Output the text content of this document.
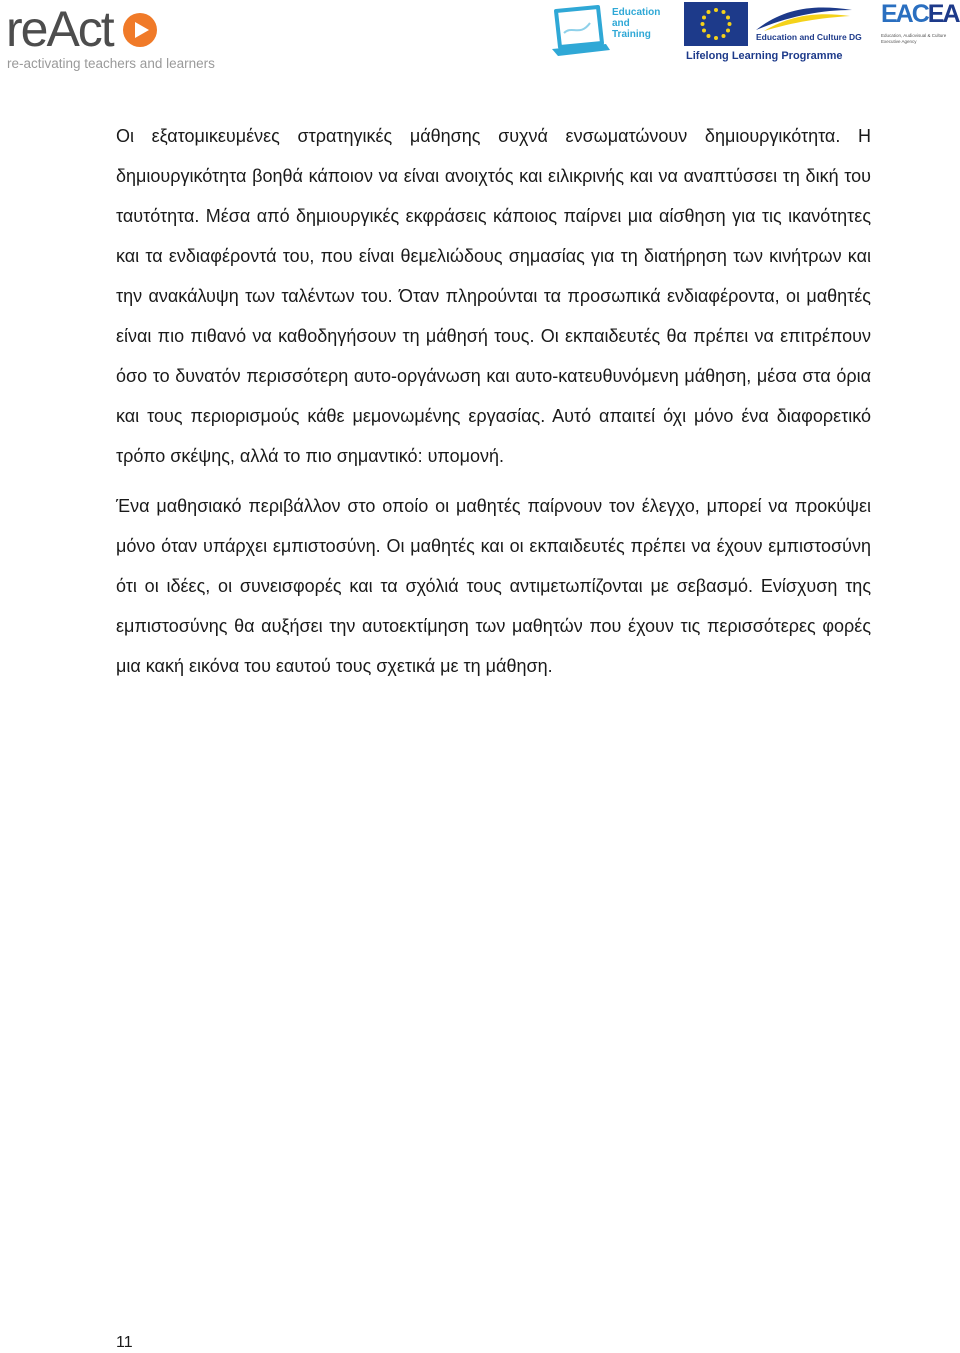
reAct
re-activating teachers and learners
Education
and
Training	Education and Culture DG
Lifelong Learning Programme
EACEA
Education, Audiovisual & Culture
Executive Agency

Οι εξατομικευμένες στρατηγικές μάθησης συχνά ενσωματώνουν δημιουργικότητα. Η δημιουργικότητα βοηθά κάποιον να είναι ανοιχτός και ειλικρινής και να αναπτύσσει τη δική του ταυτότητα. Μέσα από δημιουργικές εκφράσεις κάποιος παίρνει μια αίσθηση για τις ικανότητες και τα ενδιαφέροντά του, που είναι θεμελιώδους σημασίας για τη διατήρηση των κινήτρων και την ανακάλυψη των ταλέντων του. Όταν πληρούνται τα προσωπικά ενδιαφέροντα, οι μαθητές είναι πιο πιθανό να καθοδηγήσουν τη μάθησή τους. Οι εκπαιδευτές θα πρέπει να επιτρέπουν όσο το δυνατόν περισσότερη αυτο-οργάνωση και αυτο-κατευθυνόμενη μάθηση, μέσα στα όρια και τους περιορισμούς κάθε μεμονωμένης εργασίας. Αυτό απαιτεί όχι μόνο ένα διαφορετικό τρόπο σκέψης, αλλά το πιο σημαντικό: υπομονή.

Ένα μαθησιακό περιβάλλον στο οποίο οι μαθητές παίρνουν τον έλεγχο, μπορεί να προκύψει μόνο όταν υπάρχει εμπιστοσύνη. Οι μαθητές και οι εκπαιδευτές πρέπει να έχουν εμπιστοσύνη ότι οι ιδέες, οι συνεισφορές και τα σχόλιά τους αντιμετωπίζονται με σεβασμό. Ενίσχυση της εμπιστοσύνης θα αυξήσει την αυτοεκτίμηση των μαθητών που έχουν τις περισσότερες φορές μια κακή εικόνα του εαυτού τους σχετικά με τη μάθηση.

11
